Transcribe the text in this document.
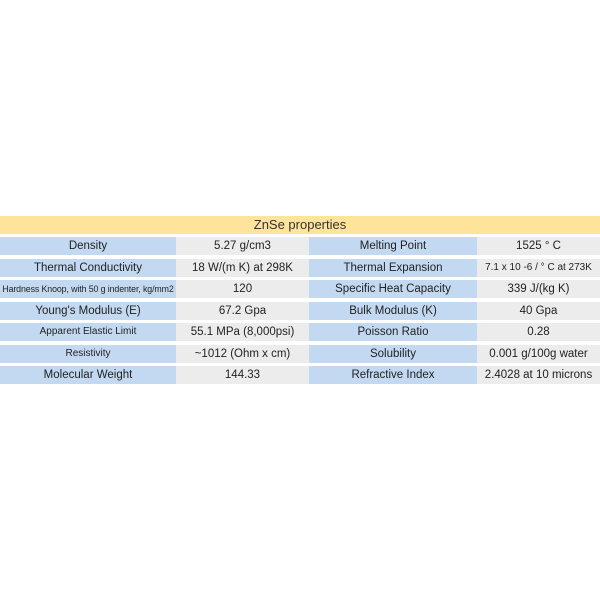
ZnSe properties
Density	5.27 g/cm3	Melting Point	1525 ° C
Thermal Conductivity	18 W/(m K) at 298K	Thermal Expansion	7.1 x 10 -6 / ° C at 273K
Hardness Knoop, with 50 g indenter, kg/mm2	120	Specific Heat Capacity	339 J/(kg K)
Young's Modulus (E)	67.2 Gpa	Bulk Modulus (K)	40 Gpa
Apparent Elastic Limit	55.1 MPa (8,000psi)	Poisson Ratio	0.28
Resistivity	~1012 (Ohm x cm)	Solubility	0.001 g/100g water
Molecular Weight	144.33	Refractive Index	2.4028 at 10 microns
